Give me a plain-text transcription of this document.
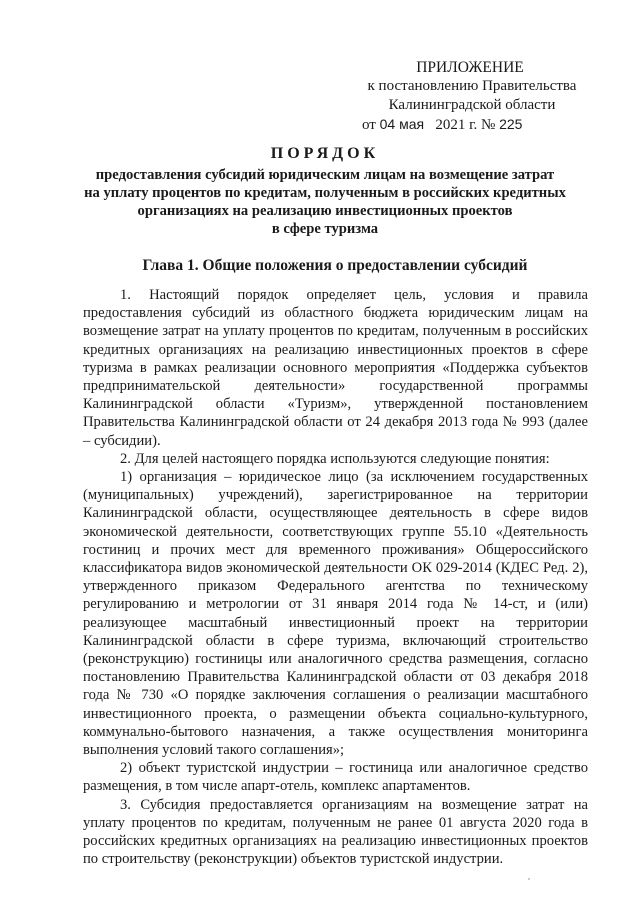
ПРИЛОЖЕНИЕ
к постановлению Правительства
Калининградской области
от 04 мая 2021 г. № 225
ПОРЯДОК
предоставления субсидий юридическим лицам на возмещение затрат
на уплату процентов по кредитам, полученным в российских кредитных
организациях на реализацию инвестиционных проектов
в сфере туризма
Глава 1. Общие положения о предоставлении субсидий

1. Настоящий порядок определяет цель, условия и правила предоставления субсидий из областного бюджета юридическим лицам на возмещение затрат на уплату процентов по кредитам, полученным в российских кредитных организациях на реализацию инвестиционных проектов в сфере туризма в рамках реализации основного мероприятия «Поддержка субъектов предпринимательской деятельности» государственной программы Калининградской области «Туризм», утвержденной постановлением Правительства Калининградской области от 24 декабря 2013 года № 993 (далее – субсидии).

2. Для целей настоящего порядка используются следующие понятия:

1) организация – юридическое лицо (за исключением государственных (муниципальных) учреждений), зарегистрированное на территории Калининградской области, осуществляющее деятельность в сфере видов экономической деятельности, соответствующих группе 55.10 «Деятельность гостиниц и прочих мест для временного проживания» Общероссийского классификатора видов экономической деятельности ОК 029-2014 (КДЕС Ред. 2), утвержденного приказом Федерального агентства по техническому регулированию и метрологии от 31 января 2014 года № 14-ст, и (или) реализующее масштабный инвестиционный проект на территории Калининградской области в сфере туризма, включающий строительство (реконструкцию) гостиницы или аналогичного средства размещения, согласно постановлению Правительства Калининградской области от 03 декабря 2018 года № 730 «О порядке заключения соглашения о реализации масштабного инвестиционного проекта, о размещении объекта социально-культурного, коммунально-бытового назначения, а также осуществления мониторинга выполнения условий такого соглашения»;

2) объект туристской индустрии – гостиница или аналогичное средство размещения, в том числе апарт-отель, комплекс апартаментов.

3. Субсидия предоставляется организациям на возмещение затрат на уплату процентов по кредитам, полученным не ранее 01 августа 2020 года в российских кредитных организациях на реализацию инвестиционных проектов по строительству (реконструкции) объектов туристской индустрии.
